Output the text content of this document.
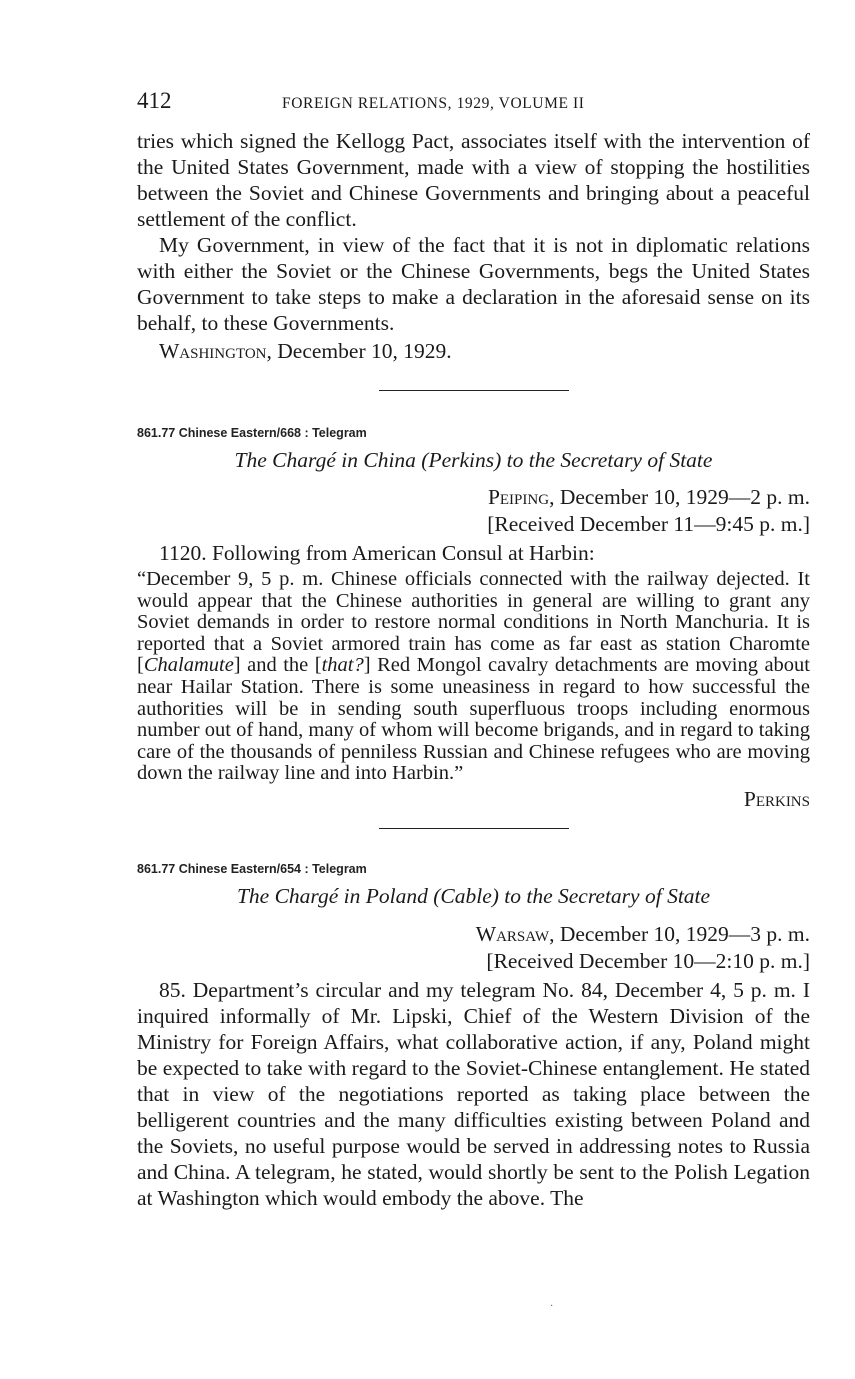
412	FOREIGN RELATIONS, 1929, VOLUME II

tries which signed the Kellogg Pact, associates itself with the intervention of the United States Government, made with a view of stopping the hostilities between the Soviet and Chinese Governments and bringing about a peaceful settlement of the conflict.

My Government, in view of the fact that it is not in diplomatic relations with either the Soviet or the Chinese Governments, begs the United States Government to take steps to make a declaration in the aforesaid sense on its behalf, to these Governments.

Washington, December 10, 1929.

861.77 Chinese Eastern/668 : Telegram
The Chargé in China (Perkins) to the Secretary of State
Peiping, December 10, 1929—2 p. m.
[Received December 11—9:45 p. m.]

1120. Following from American Consul at Harbin:

“December 9, 5 p. m. Chinese officials connected with the railway dejected. It would appear that the Chinese authorities in general are willing to grant any Soviet demands in order to restore normal conditions in North Manchuria. It is reported that a Soviet armored train has come as far east as station Charomte [Chalamute] and the [that?] Red Mongol cavalry detachments are moving about near Hailar Station. There is some uneasiness in regard to how successful the authorities will be in sending south superfluous troops including enormous number out of hand, many of whom will become brigands, and in regard to taking care of the thousands of penniless Russian and Chinese refugees who are moving down the railway line and into Harbin.”

Perkins
861.77 Chinese Eastern/654 : Telegram
The Chargé in Poland (Cable) to the Secretary of State
Warsaw, December 10, 1929—3 p. m.
[Received December 10—2:10 p. m.]

85. Department’s circular and my telegram No. 84, December 4, 5 p. m. I inquired informally of Mr. Lipski, Chief of the Western Division of the Ministry for Foreign Affairs, what collaborative action, if any, Poland might be expected to take with regard to the Soviet-Chinese entanglement. He stated that in view of the negotiations reported as taking place between the belligerent countries and the many difficulties existing between Poland and the Soviets, no useful purpose would be served in addressing notes to Russia and China. A telegram, he stated, would shortly be sent to the Polish Legation at Washington which would embody the above. The

·
